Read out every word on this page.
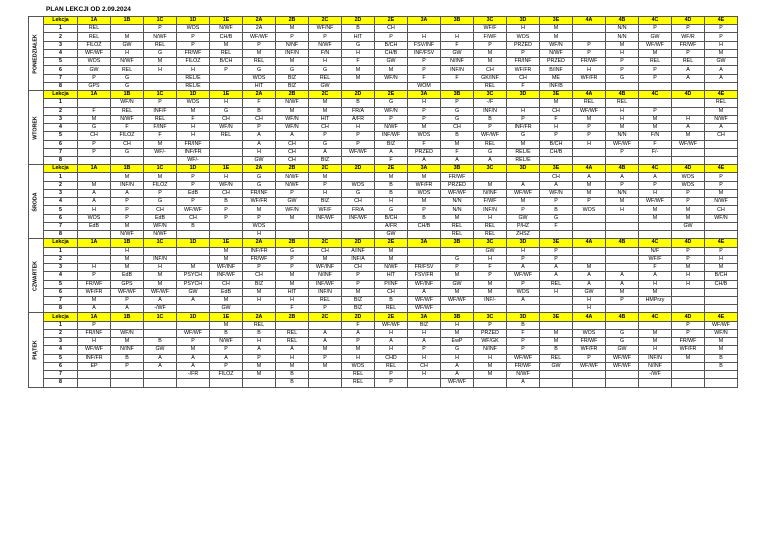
PLAN LEKCJI OD 2.09.2024
PONIEDZIAŁEK	Lekcja	1A	1B	1C	1D	1E	2A	2B	2C	2D	2E	3A	3B	3C	3D	3E	4A	4B	4C	4D	4E
	1	REL		P	WOS	N/WF	2A	M	WF/NF	B	CH			WF/F	H	M		N/N	P	P	P
	2	REL	M	N/WF	P	CH/B	WF/WF	P	P	HIT	P	H	H	F/WF	WOS	M		N/N	GW	WF/R	P
	3	FILOZ	GW	REL	P	M	P	N/NF	N/WF	G	B/CH	FSV/INF	F	P	PRZED	WF/N	P	M	WF/WF	FR/WF	H
	4	WF/WF	H	G	FR/WF	REL	M	INF/N	F/N	H	CH/B	INF/FSV	GW	M	P	N/WF	P	H	M	P	M
	5	WOS	N/WF	M	FILOZ	B/CH	REL	M	H	F	GW	P	N/INF	M	FR/INF	PRZED	FR/WF	P	REL	REL	GW
	6	GW	REL	H	H	P	G	G	G	M	M	P	INF/N	CH	WF/FR	B/INF	H	P	P	A	A
	7	P	G		REL/E		WOS	BIZ	REL	M	WF/N	F	F	GK/INF	CH	ME	WF/FR	G	P	A	A
	8	GPŚ	G		REL/E		HIT	BIZ	GW			WOM		REL	F	INF/B					

WTOREK	Lekcja	1A	1B	1C	1D	1E	2A	2B	2C	2D	2E	3A	3B	3C	3D	3E	4A	4B	4C	4D	4E
	1		WF/N	P	WOS	H	F	N/WF	M	B	G	H	P	-/F		M	REL	REL			REL
	2	F	REL	INF/F	M	G	B	M	M	FR/A	WF/N	P	G	INF/N	H	CH	WF/WF	H	P		M
	3	M	N/WF	REL	F	CH	CH	WF/N	HIT	A/FR	P	P	G	B	P	F	M	H	M	H	N/WF
	4	G	F	F/INF	H	WF/N	P	WF/N	CH	H	N/WF	M	CH	P	INF/FR	H	P	M	M	A	A
	5	CH	FILOZ	F	H	REL	A	A	P	P	INF/WF	WOS	B	WF/WF	G	P	P	N/N	F/N	M	CH
	6	P	CH	M	FR/INF		A	CH	G	P	BIZ	F	M	REL	M	B/CH	H	WF/WF	F	WF/WF	
	7	P	G	WF/-	INF/FR		H	CH	A	WF/WF	A	PRZED	F	G	REL/E	CH/B		P	F/-		
	8				WF/-		GW	CH	BIZ		F	A	A	A	REL/E						

ŚRODA	Lekcja	1A	1B	1C	1D	1E	2A	2B	2C	2D	2E	3A	3B	3C	3D	3E	4A	4B	4C	4D	4E
	1		M	M	P	H	G	N/WF	M		M	M	FR/WF			CH	A	A	A	WOS	P
	2	M	INF/N	FILOZ	P	WF/N	G	N/WF	P	WOS	B	WF/FR	PRZED	M	A	A	M	P	P	WOS	P
	3	A	A	P	EdB	CH	FR/INF	P	H	G	B	WOS	WF/WF	N/INF	WF/WF	WF/N	M	N/N	H	P	M
	4	A	P	G	P	B	WF/FR	GW	BIZ	CH	H	M	N/N	F/WF	M	P	P	M	WF/WF	P	N/WF
	5	H	P	CH	WF/WF	P	M	WF/N	WF/F	FR/A	G	P	N/N	INF/N	P	B	WOS	H	M	M	CH
	6	WOS	P	EdB	CH	P	P	M	INF/WF	INF/WF	B/CH	B	M	H	GW	G			M	M	WF/N
	7	EdB	M	WF/N	B		WOS				A/FR	CH/B	REL	REL	P/HZ	F				GW	
	8		N/WF	N/WF			H				GW		REL	REL	ZHSZ						

CZWARTEK	Lekcja	1A	1B	1C	1D	1E	2A	2B	2C	2D	2E	3A	3B	3C	3D	3E	4A	4B	4C	4D	4E
	1		H			M	INF/FR	G	CH	A/INF	M			GW	H	P			N/F	P	P
	2		M	INF/N		M	FR/WF	P	M	INF/A	M		G	H	P	P			WF/F	P	H
	3	H	M	H	M	WF/INF	P	P	WF/INF	CH	N/WF	FR/FSV	P	F	A	A	M		F	M	M
	4	P	EdB	M	PSYCH	INF/WF	CH	M	N/INF	P	HIT	FSV/FR	M	P	WF/WF	A	A	A	A	H	B/CH
	5	FR/WF	GPŚ	M	PSYCH	CH	BIZ	M	INF/WF	P	P/INF	WF/INF	GW	M	P	REL	A	A	H	H	CH/B
	6	WF/FR	WF/WF	WF/WF	GW	EdB	M	HIT	INF/N	M	CH	A	M	M	WOS	H	GW	M	M		
	7	M	P	A	A	M	H	H	REL	BIZ	B	WF/WF	WF/WF	INF/-	A		H	P	HMPrzy		
	8	A	A	-/WF		GW		F	P	BIZ	REL	WF/WF					H				

PIĄTEK	Lekcja	1A	1B	1C	1D	1E	2A	2B	2C	2D	2E	3A	3B	3C	3D	3E	4A	4B	4C	4D	4E
	1	P				M	REL			F	WF/WF	BIZ	H	P	B					P	WF/WF
	2	FR/INF	WF/N		WF/WF	B	B	REL	A	A	H	H	M	PRZED	F	M	WOS	G	M	P	WF/N
	3	H	M	B	P	N/WF	H	REL	A	P	A	A	EwP	WF/GK	P	M	FR/WF	G	M	FR/WF	M
	4	WF/WF	N/INF	GW	M	P	A	A	M	M	H	P	G	N/INF	P	B	WF/FR	GW	H	WF/FR	M
	5	INF/FR	B	A	A	A	P	H	P	H	CHD	H	H	H	WF/WF	REL	P	WF/WF	INF/N	M	B
	6	EP	P	A	A	P	M	M	M	WOS	REL	CH	A	M	FR/WF	GW	WF/WF	WF/WF	N/INF		B
	7				-/FR	FILOZ	M	B		REL	P	H	A	M	N/WF				-/WF		
	8							B		REL	P		WF/WF		A						
